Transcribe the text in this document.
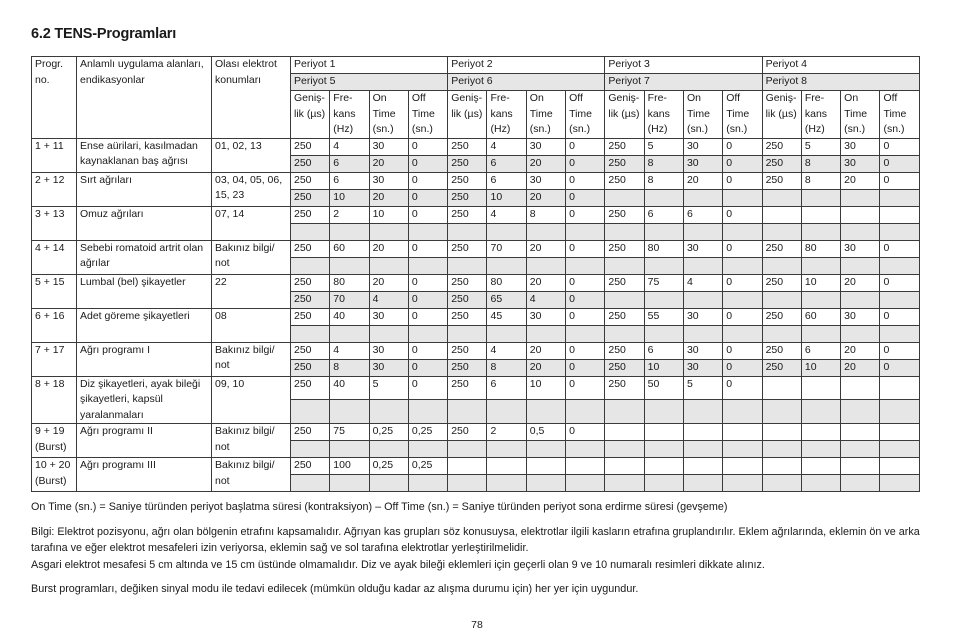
6.2 TENS-Programları
Progr. no.	Anlamlı uygulama alanları, endikasyonlar	Olası elektrot konumları	Periyot 1				Periyot 2				Periyot 3				Periyot 4			
			Periyot 5				Periyot 6				Periyot 7				Periyot 8			
			Geniş-lik (µs)	Fre-kans (Hz)	On Time (sn.)	Off Time (sn.)	Geniş-lik (µs)	Fre-kans (Hz)	On Time (sn.)	Off Time (sn.)	Geniş-lik (µs)	Fre-kans (Hz)	On Time (sn.)	Off Time (sn.)	Geniş-lik (µs)	Fre-kans (Hz)	On Time (sn.)	Off Time (sn.)
1 + 11	Ense aürilari, kasılmadan kaynaklanan baş ağrısı	01, 02, 13	250	4	30	0	250	4	30	0	250	5	30	0	250	5	30	0
			250	6	20	0	250	6	20	0	250	8	30	0	250	8	30	0
2 + 12	Sırt ağrıları	03, 04, 05, 06, 15, 23	250	6	30	0	250	6	30	0	250	8	20	0	250	8	20	0
			250	10	20	0	250	10	20	0								
3 + 13	Omuz ağrıları	07, 14	250	2	10	0	250	4	8	0	250	6	6	0				

4 + 14	Sebebi romatoid artrit olan ağrılar	Bakınız bilgi/ not	250	60	20	0	250	70	20	0	250	80	30	0	250	80	30	0

5 + 15	Lumbal (bel) şikayetler	22	250	80	20	0	250	80	20	0	250	75	4	0	250	10	20	0
			250	70	4	0	250	65	4	0								
6 + 16	Adet göreme şikayetleri	08	250	40	30	0	250	45	30	0	250	55	30	0	250	60	30	0

7 + 17	Ağrı programı I	Bakınız bilgi/ not	250	4	30	0	250	4	20	0	250	6	30	0	250	6	20	0
			250	8	30	0	250	8	20	0	250	10	30	0	250	10	20	0
8 + 18	Diz şikayetleri, ayak bileği şikayetleri, kapsül yaralanmaları	09, 10	250	40	5	0	250	6	10	0	250	50	5	0				

9 + 19 (Burst)	Ağrı programı II	Bakınız bilgi/ not	250	75	0,25	0,25	250	2	0,5	0								

10 + 20 (Burst)	Ağrı programı III	Bakınız bilgi/ not	250	100	0,25	0,25												

On Time (sn.) = Saniye türünden periyot başlatma süresi (kontraksiyon) – Off Time (sn.) = Saniye türünden periyot sona erdirme süresi (gevşeme)

Bilgi: Elektrot pozisyonu, ağrı olan bölgenin etrafını kapsamalıdır. Ağrıyan kas grupları söz konusuysa, elektrotlar ilgili kasların etrafına gruplandırılır. Eklem ağrılarında, eklemin ön ve arka tarafına ve eğer elektrot mesafeleri izin veriyorsa, eklemin sağ ve sol tarafına elektrotlar yerleştirilmelidir.

Asgari elektrot mesafesi 5 cm altında ve 15 cm üstünde olmamalıdır. Diz ve ayak bileği eklemleri için geçerli olan 9 ve 10 numaralı resimleri dikkate alınız.

Burst programları, değiken sinyal modu ile tedavi edilecek (mümkün olduğu kadar az alışma durumu için) her yer için uygundur.

78
